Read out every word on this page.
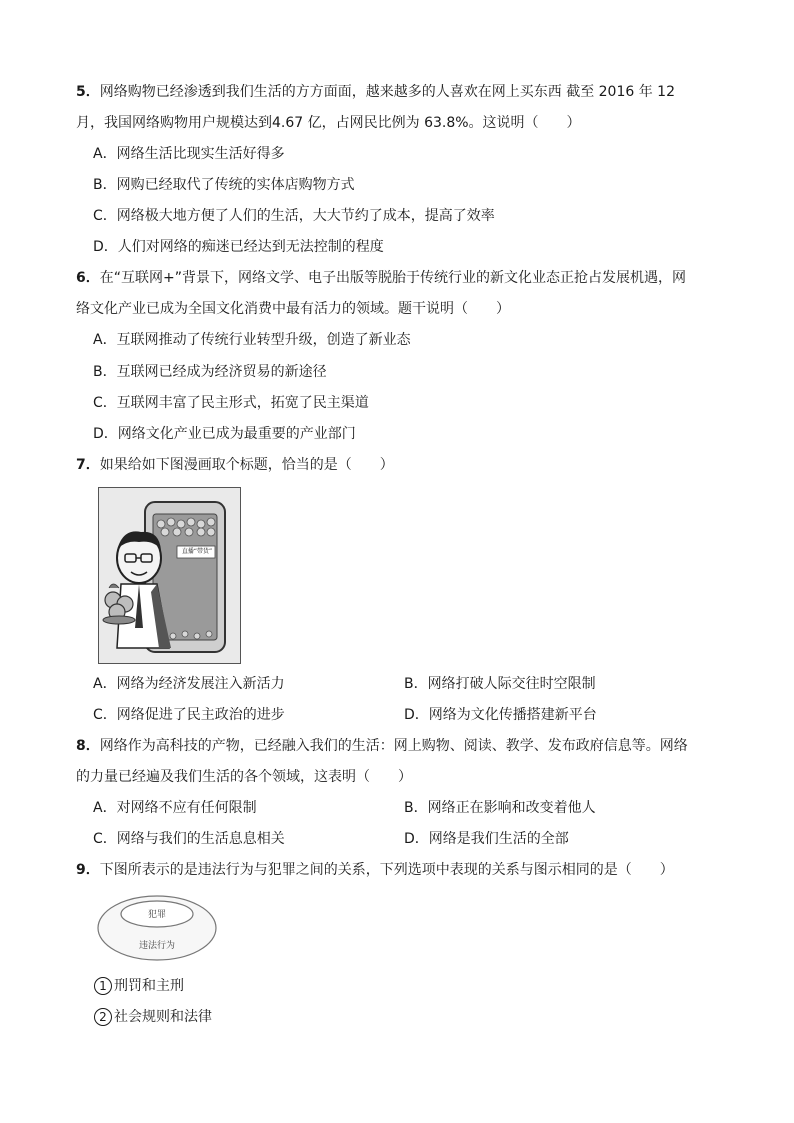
5．网络购物已经渗透到我们生活的方方面面，越来越多的人喜欢在网上买东西 截至 2016 年 12
月，我国网络购物用户规模达到4.67 亿，占网民比例为 63.8%。这说明（　　）
A．网络生活比现实生活好得多
B．网购已经取代了传统的实体店购物方式
C．网络极大地方便了人们的生活，大大节约了成本，提高了效率
D．人们对网络的痴迷已经达到无法控制的程度
6．在“互联网+”背景下，网络文学、电子出版等脱胎于传统行业的新文化业态正抢占发展机遇，网
络文化产业已成为全国文化消费中最有活力的领域。题干说明（　　）
A．互联网推动了传统行业转型升级，创造了新业态
B．互联网已经成为经济贸易的新途径
C．互联网丰富了民主形式，拓宽了民主渠道
D．网络文化产业已成为最重要的产业部门
7．如果给如下图漫画取个标题，恰当的是（　　）
直播“带货”
A．网络为经济发展注入新活力	B．网络打破人际交往时空限制
C．网络促进了民主政治的进步	D．网络为文化传播搭建新平台
8．网络作为高科技的产物，已经融入我们的生活：网上购物、阅读、教学、发布政府信息等。网络
的力量已经遍及我们生活的各个领域，这表明（　　）
A．对网络不应有任何限制	B．网络正在影响和改变着他人
C．网络与我们的生活息息相关	D．网络是我们生活的全部
9．下图所表示的是违法行为与犯罪之间的关系，下列选项中表现的关系与图示相同的是（　　）
犯罪
违法行为
1 刑罚和主刑
2 社会规则和法律
